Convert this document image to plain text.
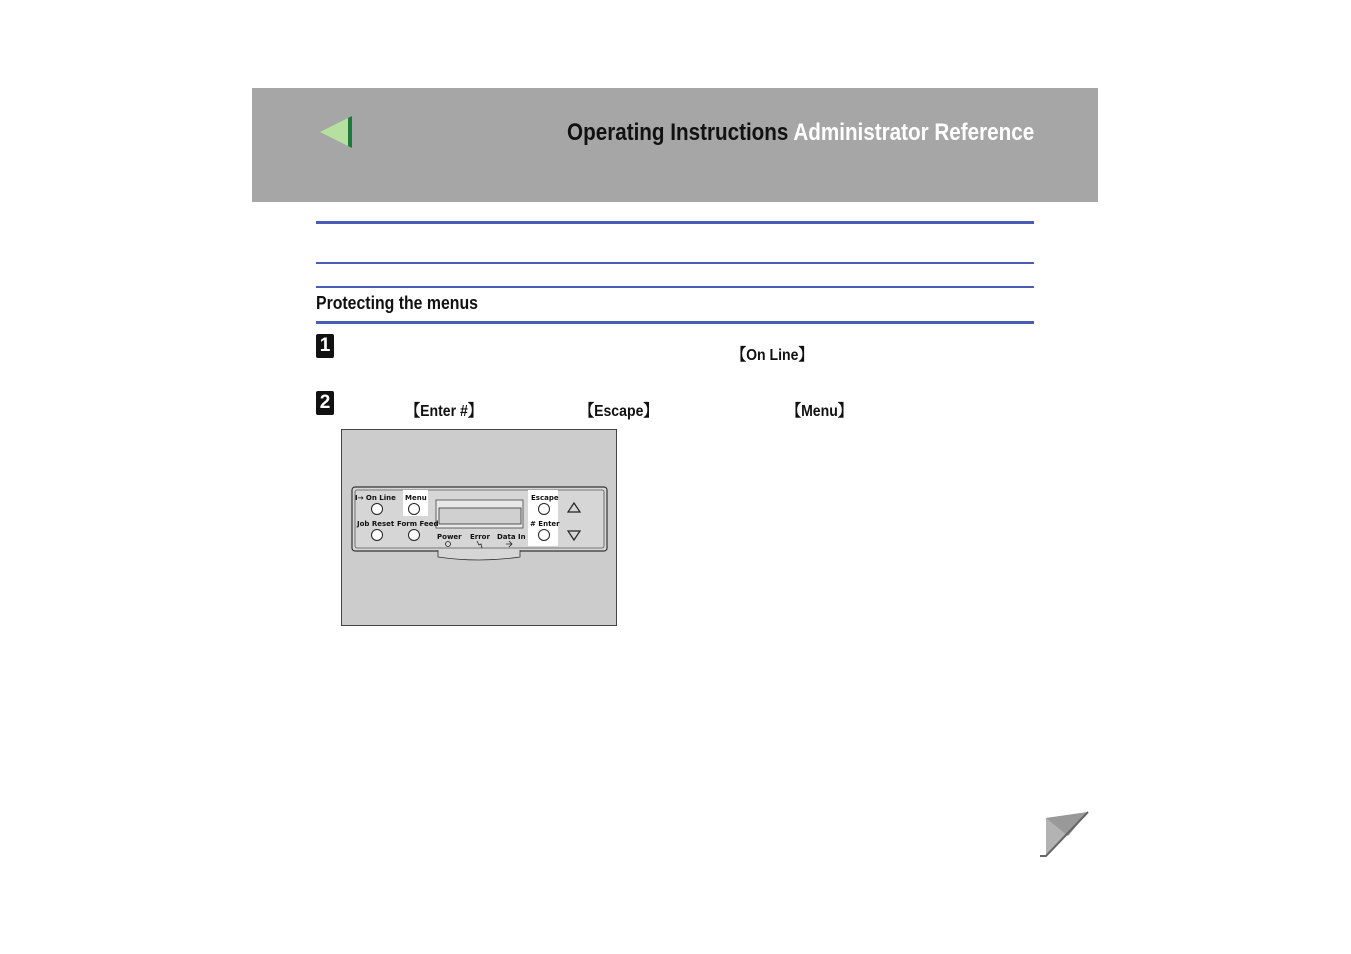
Operating Instructions Administrator Reference
Protecting the menus
1	【On Line】
2	【Enter #】	【Escape】	【Menu】
I→ On Line Menu	Escape
Job Reset Form Feed	# Enter
Power Error Data In
